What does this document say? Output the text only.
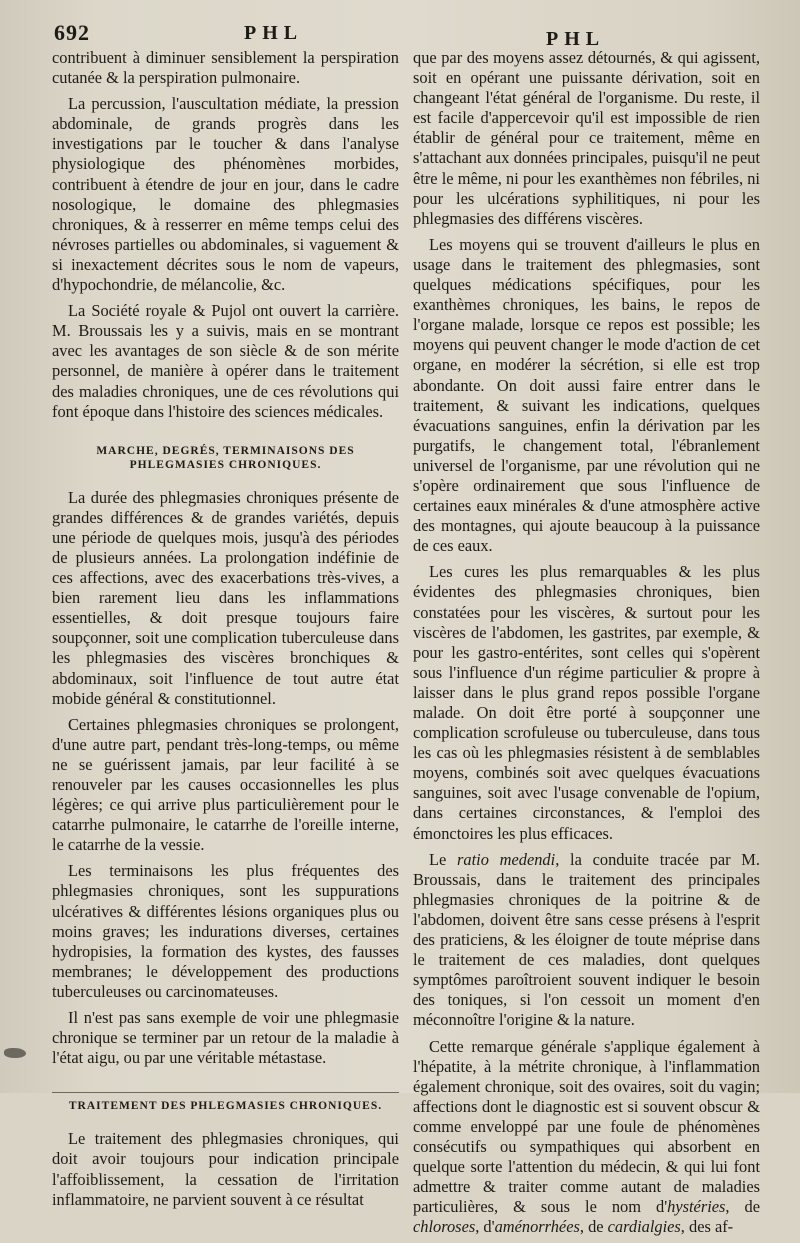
692	PHL	PHL

contribuent à diminuer sensiblement la perspiration cutanée & la perspiration pulmonaire.

La percussion, l'auscultation médiate, la pression abdominale, de grands progrès dans les investigations par le toucher & dans l'analyse physiologique des phénomènes morbides, contribuent à étendre de jour en jour, dans le cadre nosologique, le domaine des phlegmasies chroniques, & à resserrer en même temps celui des névroses partielles ou abdominales, si vaguement & si inexactement décrites sous le nom de vapeurs, d'hypochondrie, de mélancolie, &c.

La Société royale & Pujol ont ouvert la carrière. M. Broussais les y a suivis, mais en se montrant avec les avantages de son siècle & de son mérite personnel, de manière à opérer dans le traitement des maladies chroniques, une de ces révolutions qui font époque dans l'histoire des sciences médicales.

MARCHE, DEGRÉS, TERMINAISONS DES PHLEGMASIES CHRONIQUES.

La durée des phlegmasies chroniques présente de grandes différences & de grandes variétés, depuis une période de quelques mois, jusqu'à des périodes de plusieurs années. La prolongation indéfinie de ces affections, avec des exacerbations très-vives, a bien rarement lieu dans les inflammations essentielles, & doit presque toujours faire soupçonner, soit une complication tuberculeuse dans les phlegmasies des viscères bronchiques & abdominaux, soit l'influence de tout autre état mobide général & constitutionnel.

Certaines phlegmasies chroniques se prolongent, d'une autre part, pendant très-long-temps, ou même ne se guérissent jamais, par leur facilité à se renouveler par les causes occasionnelles les plus légères; ce qui arrive plus particulièrement pour le catarrhe pulmonaire, le catarrhe de l'oreille interne, le catarrhe de la vessie.

Les terminaisons les plus fréquentes des phlegmasies chroniques, sont les suppurations ulcératives & différentes lésions organiques plus ou moins graves; les indurations diverses, certaines hydropisies, la formation des kystes, des fausses membranes; le développement des productions tuberculeuses ou carcinomateuses.

Il n'est pas sans exemple de voir une phlegmasie chronique se terminer par un retour de la maladie à l'état aigu, ou par une véritable métastase.

TRAITEMENT DES PHLEGMASIES CHRONIQUES.

Le traitement des phlegmasies chroniques, qui doit avoir toujours pour indication principale l'affoiblissement, la cessation de l'irritation inflammatoire, ne parvient souvent à ce résultat

que par des moyens assez détournés, & qui agissent, soit en opérant une puissante dérivation, soit en changeant l'état général de l'organisme. Du reste, il est facile d'appercevoir qu'il est impossible de rien établir de général pour ce traitement, même en s'attachant aux données principales, puisqu'il ne peut être le même, ni pour les exanthèmes non fébriles, ni pour les ulcérations syphilitiques, ni pour les phlegmasies des différens viscères.

Les moyens qui se trouvent d'ailleurs le plus en usage dans le traitement des phlegmasies, sont quelques médications spécifiques, pour les exanthèmes chroniques, les bains, le repos de l'organe malade, lorsque ce repos est possible; les moyens qui peuvent changer le mode d'action de cet organe, en modérer la sécrétion, si elle est trop abondante. On doit aussi faire entrer dans le traitement, & suivant les indications, quelques évacuations sanguines, enfin la dérivation par les purgatifs, le changement total, l'ébranlement universel de l'organisme, par une révolution qui ne s'opère ordinairement que sous l'influence de certaines eaux minérales & d'une atmosphère active des montagnes, qui ajoute beaucoup à la puissance de ces eaux.

Les cures les plus remarquables & les plus évidentes des phlegmasies chroniques, bien constatées pour les viscères, & surtout pour les viscères de l'abdomen, les gastrites, par exemple, & pour les gastro-entérites, sont celles qui s'opèrent sous l'influence d'un régime particulier & propre à laisser dans le plus grand repos possible l'organe malade. On doit être porté à soupçonner une complication scrofuleuse ou tuberculeuse, dans tous les cas où les phlegmasies résistent à de semblables moyens, combinés soit avec quelques évacuations sanguines, soit avec l'usage convenable de l'opium, dans certaines circonstances, & l'emploi des émonctoires les plus efficaces.

Le ratio medendi, la conduite tracée par M. Broussais, dans le traitement des principales phlegmasies chroniques de la poitrine & de l'abdomen, doivent être sans cesse présens à l'esprit des praticiens, & les éloigner de toute méprise dans le traitement de ces maladies, dont quelques symptômes paroîtroient souvent indiquer le besoin des toniques, si l'on cessoit un moment d'en méconnoître l'origine & la nature.

Cette remarque générale s'applique également à l'hépatite, à la métrite chronique, à l'inflammation également chronique, soit des ovaires, soit du vagin; affections dont le diagnostic est si souvent obscur & comme enveloppé par une foule de phénomènes consécutifs ou sympathiques qui absorbent en quelque sorte l'attention du médecin, & qui lui font admettre & traiter comme autant de maladies particulières, & sous le nom d'hystéries, de chloroses, d'aménorrhées, de cardialgies, des af-
